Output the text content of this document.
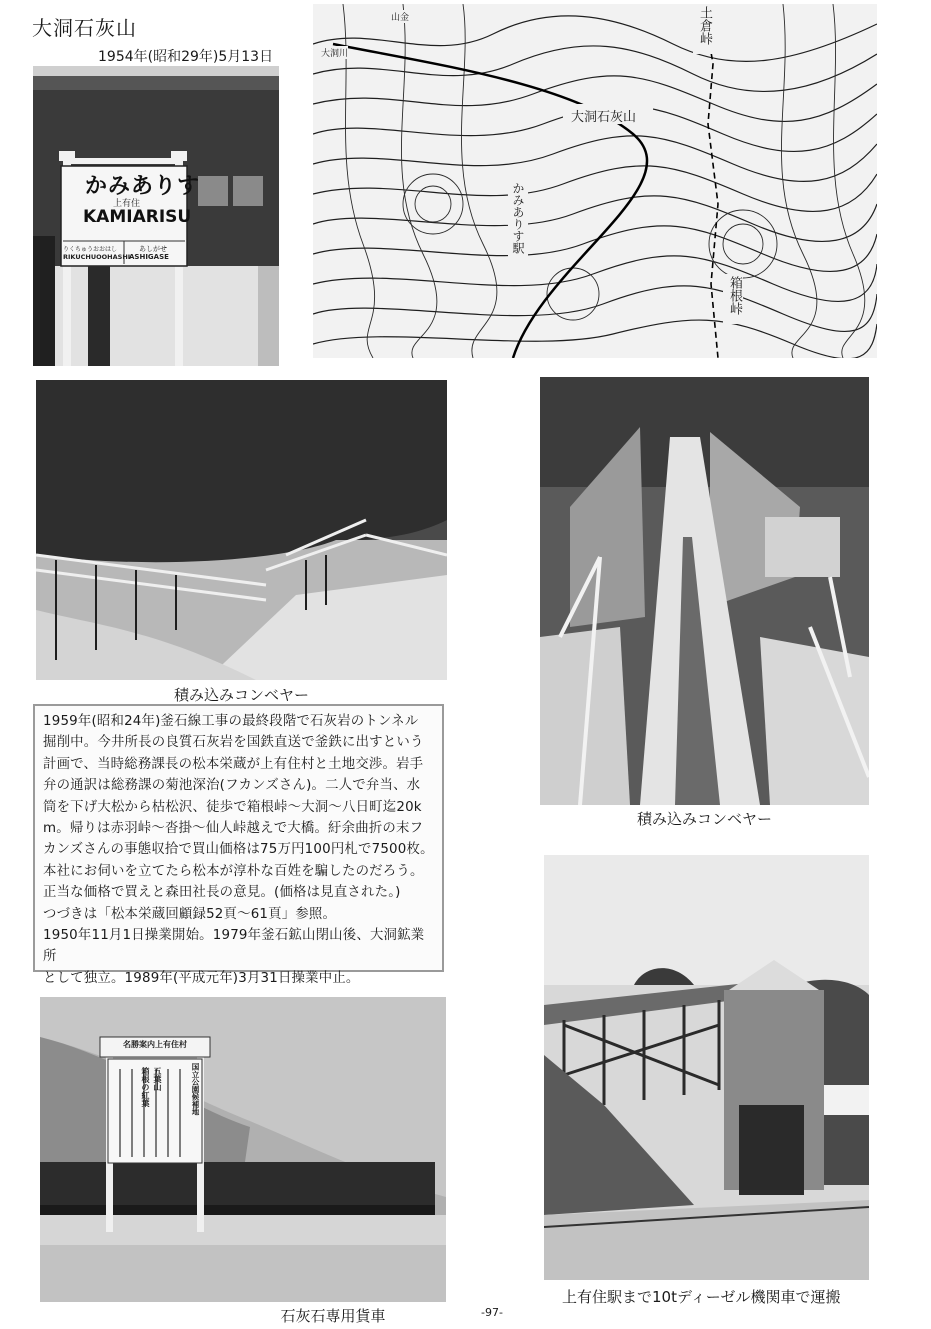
大洞石灰山
1954年(昭和29年)5月13日
かみありす
上有住
KAMIARISU
りくちゅうおおはし
RIKUCHUOOHASHI
あしがせ
ASHIGASE
土倉峠
大洞石灰山
かみありす駅
箱根峠
山金
大洞川
積み込みコンベヤー
積み込みコンベヤー

1959年(昭和24年)釜石線工事の最終段階で石灰岩のトンネル

掘削中。今井所長の良質石灰岩を国鉄直送で釜鉄に出すという

計画で、当時総務課長の松本栄蔵が上有住村と土地交渉。岩手

弁の通訳は総務課の菊池深治(フカンズさん)。二人で弁当、水

筒を下げ大松から枯松沢、徒歩で箱根峠〜大洞〜八日町迄20k

m。帰りは赤羽峠〜沓掛〜仙人峠越えで大橋。紆余曲折の末フ

カンズさんの事態収拾で買山価格は75万円100円札で7500枚。

本社にお伺いを立てたら松本が淳朴な百姓を騙したのだろう。

正当な価格で買えと森田社長の意見。(価格は見直された。)

つづきは「松本栄蔵回顧録52頁〜61頁」参照。

1950年11月1日操業開始。1979年釜石鉱山閉山後、大洞鉱業所

として独立。1989年(平成元年)3月31日操業中止。

名勝案内上有住村
国立公園候補地
五葉山
箱根の紅葉
石灰石専用貨車
上有住駅まで10tディーゼル機関車で運搬
-97-
